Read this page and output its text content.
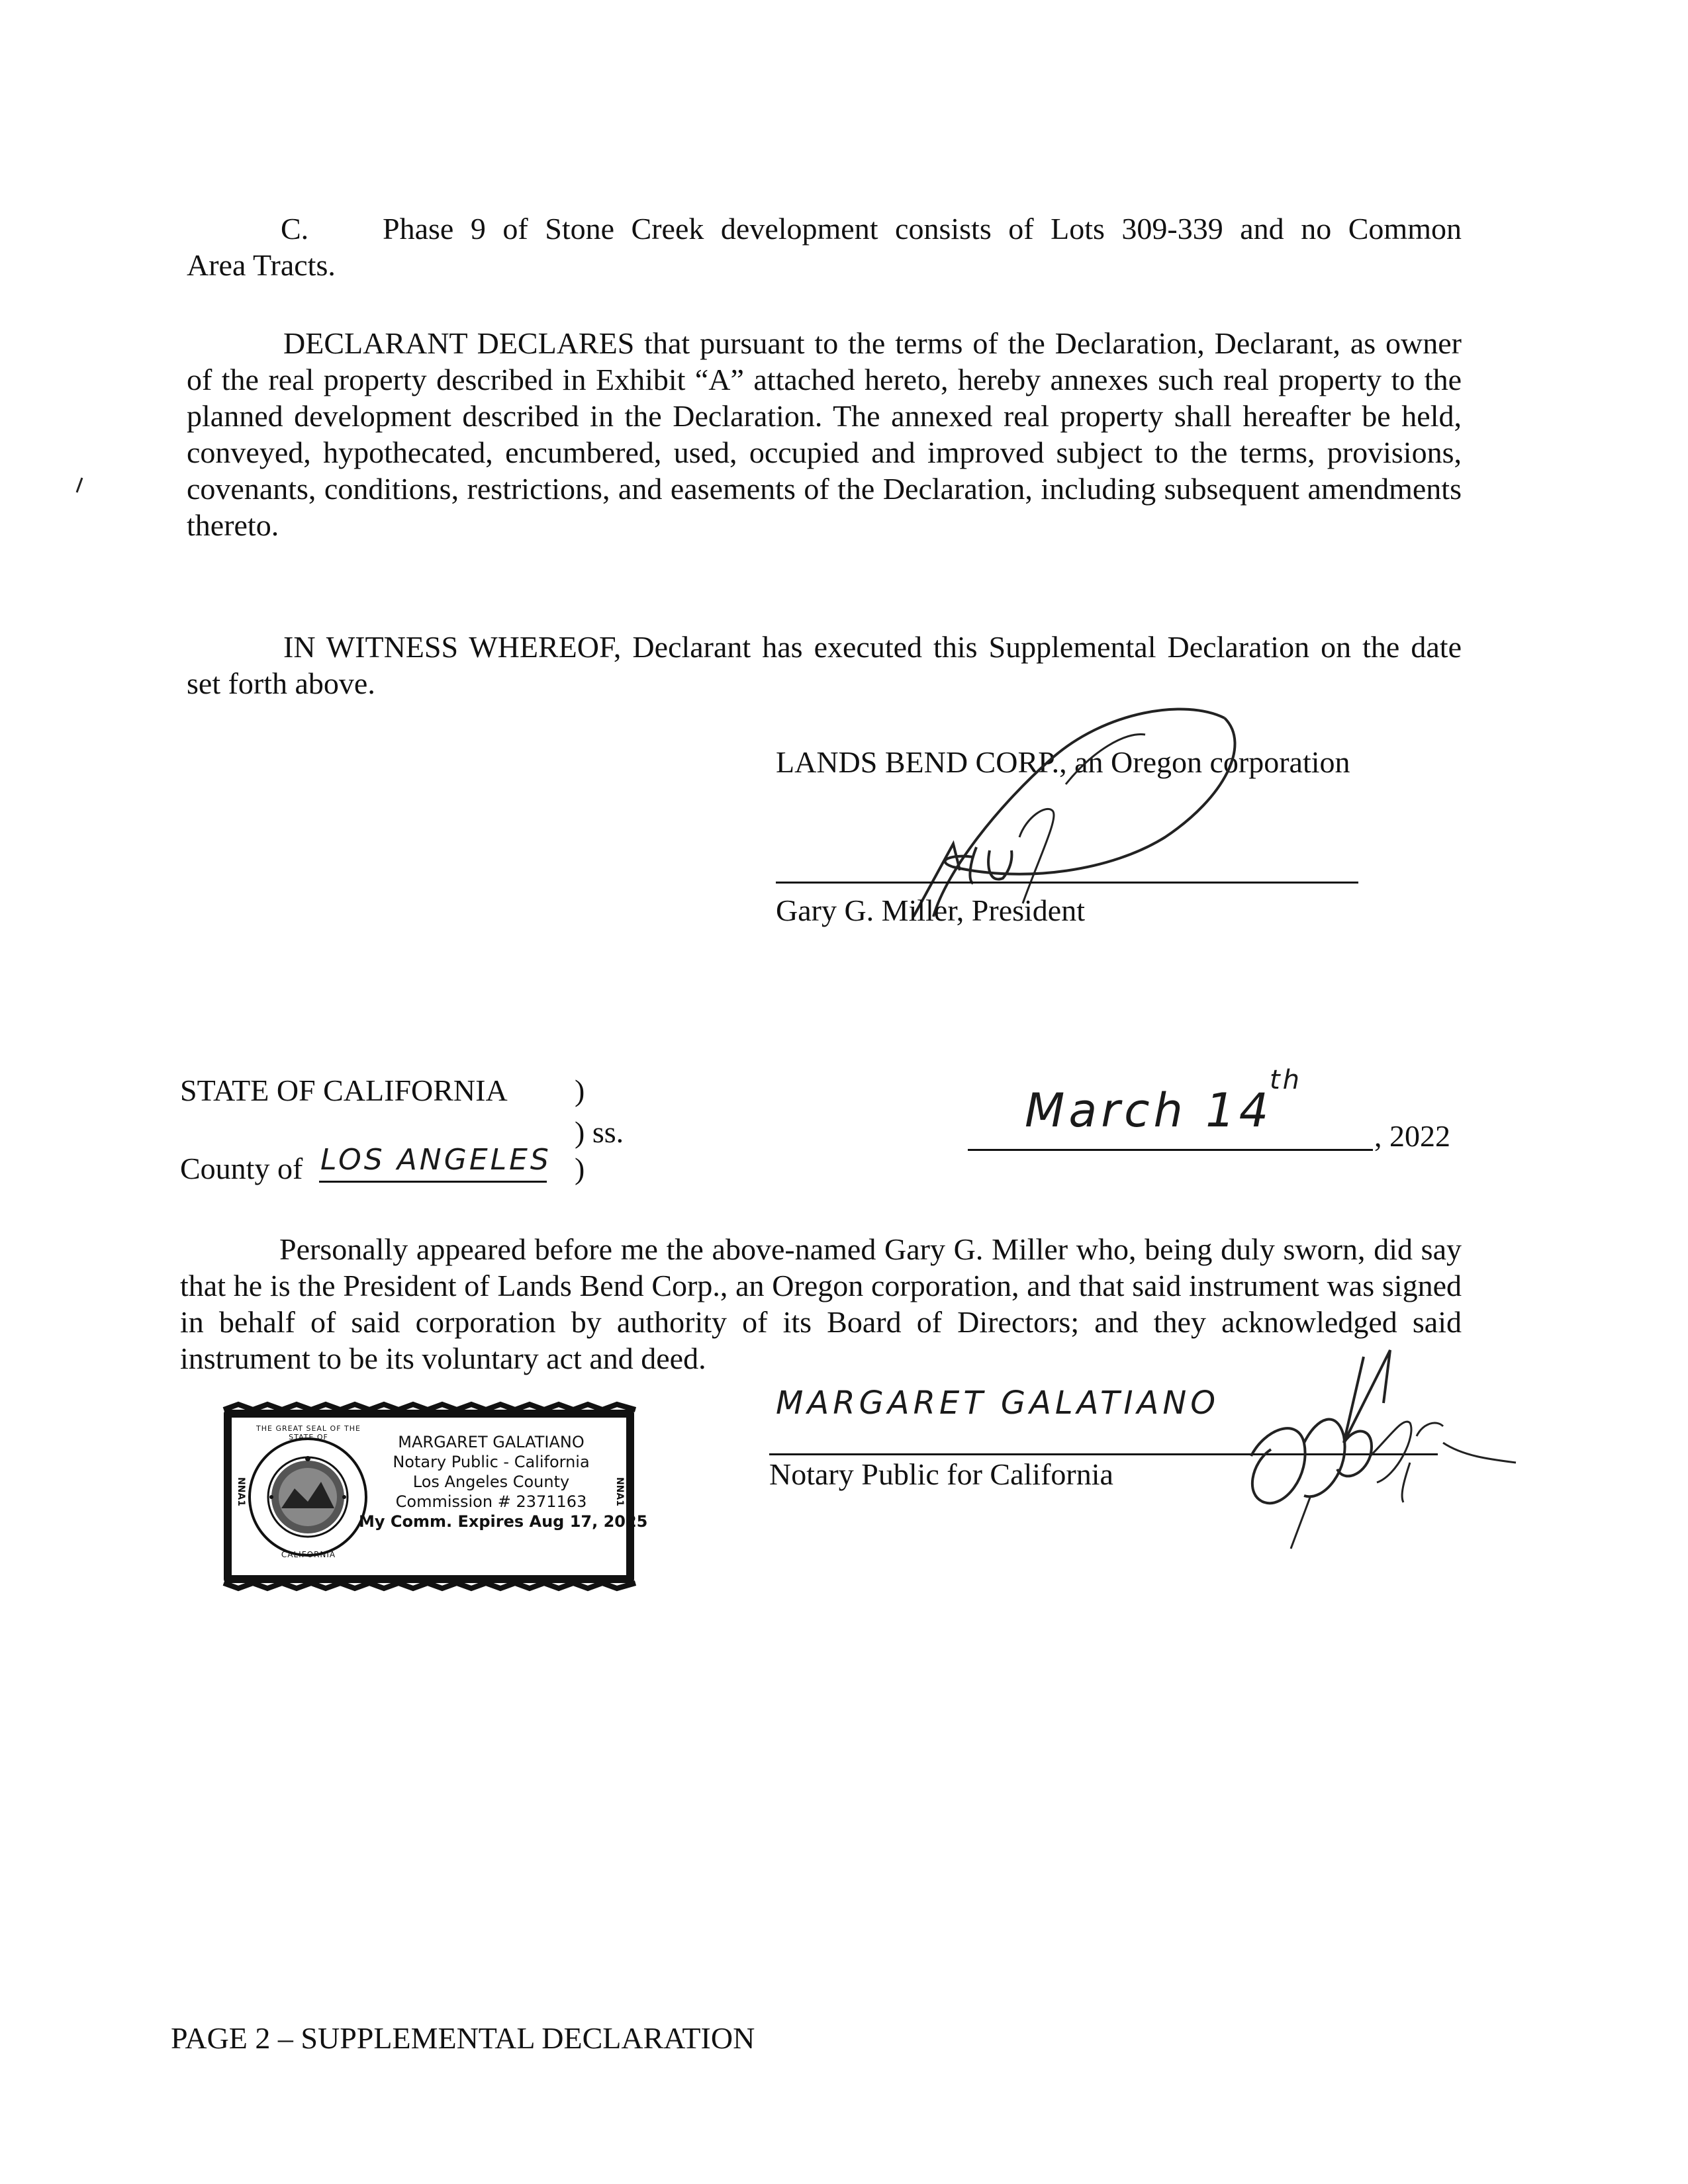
C. Phase 9 of Stone Creek development consists of Lots 309-339 and no Common
Area Tracts.

DECLARANT DECLARES that pursuant to the terms of the Declaration, Declarant, as owner of the real property described in Exhibit “A” attached hereto, hereby annexes such real property to the planned development described in the Declaration. The annexed real property shall hereafter be held, conveyed, hypothecated, encumbered, used, occupied and improved subject to the terms, provisions, covenants, conditions, restrictions, and easements of the Declaration, including subsequent amendments thereto.

IN WITNESS WHEREOF, Declarant has executed this Supplemental Declaration on the date set forth above.

LANDS BEND CORP., an Oregon corporation
Gary G. Miller, President
STATE OF CALIFORNIA )
) ss.
County of LOS ANGELES )
March 14
th
, 2022

Personally appeared before me the above-named Gary G. Miller who, being duly sworn, did say that he is the President of Lands Bend Corp., an Oregon corporation, and that said instrument was signed in behalf of said corporation by authority of its Board of Directors; and they acknowledged said instrument to be its voluntary act and deed.

MARGARET GALATIANO
Notary Public for California
THE GREAT SEAL OF THE STATE OF
CALIFORNIA
NNA1	NNA1
MARGARET GALATIANO
Notary Public - California
Los Angeles County
Commission # 2371163
My Comm. Expires Aug 17, 2025
PAGE 2 – SUPPLEMENTAL DECLARATION
